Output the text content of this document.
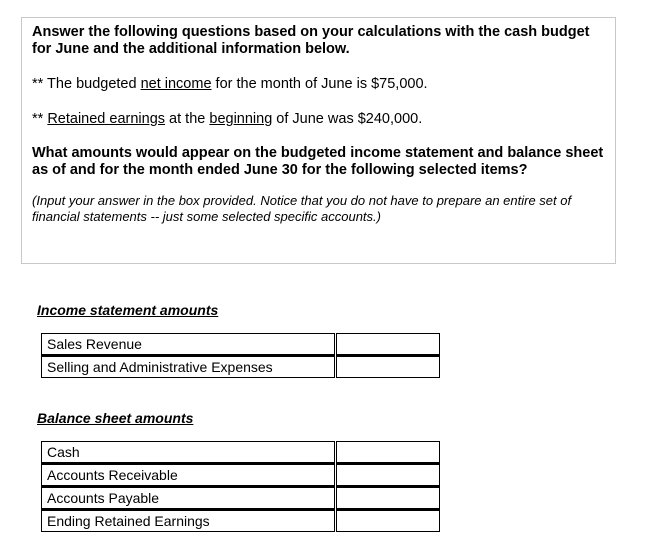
Answer the following questions based on your calculations with the cash budget for June and the additional information below.

** The budgeted net income for the month of June is $75,000.

** Retained earnings at the beginning of June was $240,000.

What amounts would appear on the budgeted income statement and balance sheet as of and for the month ended June 30 for the following selected items?

(Input your answer in the box provided. Notice that you do not have to prepare an entire set of financial statements -- just some selected specific accounts.)

Income statement amounts
Sales Revenue		
Selling and Administrative Expenses		
Balance sheet amounts
Cash		
Accounts Receivable		
Accounts Payable		
Ending Retained Earnings		
